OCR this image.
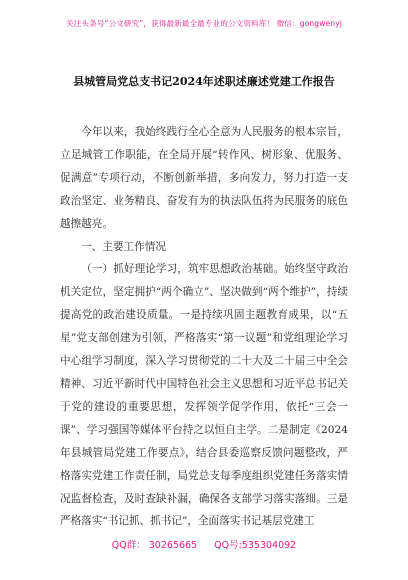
关注头条号“公文研究”，获得最新最全最专业的公文资料库！ 微信：gongwenyj
县城管局党总支书记2024年述职述廉述党建工作报告

今年以来，我始终践行全心全意为人民服务的根本宗旨，立足城管工作职能，在全局开展“转作风、树形象、优服务、促满意”专项行动，不断创新举措，多向发力，努力打造一支政治坚定、业务精良、奋发有为的执法队伍将为民服务的底色越擦越亮。

一、主要工作情况

（一）抓好理论学习，筑牢思想政治基础。始终坚守政治机关定位，坚定拥护“两个确立”、坚决做到“两个维护”，持续提高党的政治建设质量。一是持续巩固主题教育成果，以“五星”党支部创建为引领，严格落实“第一议题”和党组理论学习中心组学习制度，深入学习贯彻党的二十大及二十届三中全会精神、习近平新时代中国特色社会主义思想和习近平总书记关于党的建设的重要思想，发挥领学促学作用，依托“三会一课”、学习强国等媒体平台持之以恒自主学。二是制定《2024年县城管局党建工作要点》，结合县委巡察反馈问题整改，严格落实党建工作责任制，局党总支每季度组织党建任务落实情况监督检查，及时查缺补漏，确保各支部学习落实落细。三是严格落实“书记抓、抓书记”，全面落实书记基层党建工

QQ群： 30265665 QQ号:535304092
